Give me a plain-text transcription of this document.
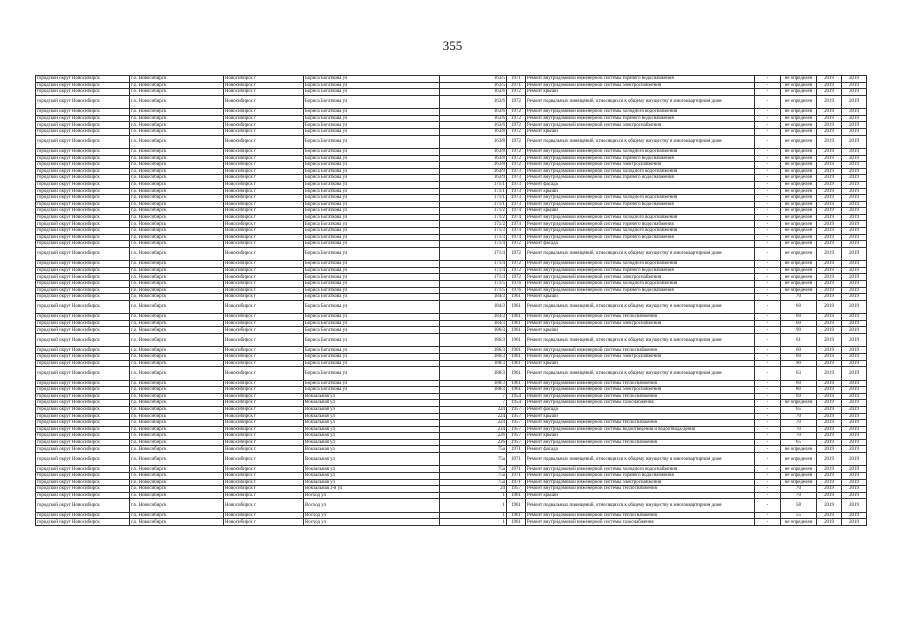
355
городской округ Новосибирск	г.о. Новосибирск	Новосибирск г	Бориса Богаткова ул	163/5	1971	Ремонт внутридомовой инженерной системы горячего водоснабжения	-	не определен	2019	2019
городской округ Новосибирск	г.о. Новосибирск	Новосибирск г	Бориса Богаткова ул	163/5	1971	Ремонт внутридомовой инженерной системы электроснабжения	-	не определен	2019	2019
городской округ Новосибирск	г.о. Новосибирск	Новосибирск г	Бориса Богаткова ул	163/6	1972	Ремонт крыши	-	не определен	2019	2019
городской округ Новосибирск	г.о. Новосибирск	Новосибирск г	Бориса Богаткова ул	163/6	1972	Ремонт подвальных помещений, относящихся к общему имуществу в многоквартирном доме	-	не определен	2019	2019
городской округ Новосибирск	г.о. Новосибирск	Новосибирск г	Бориса Богаткова ул	163/6	1972	Ремонт внутридомовой инженерной системы холодного водоснабжения	-	не определен	2019	2019
городской округ Новосибирск	г.о. Новосибирск	Новосибирск г	Бориса Богаткова ул	163/6	1972	Ремонт внутридомовой инженерной системы горячего водоснабжения	-	не определен	2019	2019
городской округ Новосибирск	г.о. Новосибирск	Новосибирск г	Бориса Богаткова ул	163/6	1972	Ремонт внутридомовой инженерной системы электроснабжения	-	не определен	2019	2019
городской округ Новосибирск	г.о. Новосибирск	Новосибирск г	Бориса Богаткова ул	163/8	1972	Ремонт крыши	-	не определен	2019	2019
городской округ Новосибирск	г.о. Новосибирск	Новосибирск г	Бориса Богаткова ул	163/8	1972	Ремонт подвальных помещений, относящихся к общему имуществу в многоквартирном доме	-	не определен	2019	2019
городской округ Новосибирск	г.о. Новосибирск	Новосибирск г	Бориса Богаткова ул	163/8	1972	Ремонт внутридомовой инженерной системы холодного водоснабжения	-	не определен	2019	2019
городской округ Новосибирск	г.о. Новосибирск	Новосибирск г	Бориса Богаткова ул	163/8	1972	Ремонт внутридомовой инженерной системы горячего водоснабжения	-	не определен	2019	2019
городской округ Новосибирск	г.о. Новосибирск	Новосибирск г	Бориса Богаткова ул	163/8	1972	Ремонт внутридомовой инженерной системы электроснабжения	-	не определен	2019	2019
городской округ Новосибирск	г.о. Новосибирск	Новосибирск г	Бориса Богаткова ул	163/9	1973	Ремонт внутридомовой инженерной системы холодного водоснабжения	-	не определен	2019	2019
городской округ Новосибирск	г.о. Новосибирск	Новосибирск г	Бориса Богаткова ул	163/9	1973	Ремонт внутридомовой инженерной системы горячего водоснабжения	-	не определен	2019	2019
городской округ Новосибирск	г.о. Новосибирск	Новосибирск г	Бориса Богаткова ул	171/1	1973	Ремонт фасада	-	не определен	2019	2019
городской округ Новосибирск	г.о. Новосибирск	Новосибирск г	Бориса Богаткова ул	171/1	1973	Ремонт крыши	-	не определен	2019	2019
городской округ Новосибирск	г.о. Новосибирск	Новосибирск г	Бориса Богаткова ул	171/1	1973	Ремонт внутридомовой инженерной системы холодного водоснабжения	-	не определен	2019	2019
городской округ Новосибирск	г.о. Новосибирск	Новосибирск г	Бориса Богаткова ул	171/1	1973	Ремонт внутридомовой инженерной системы горячего водоснабжения	-	не определен	2019	2019
городской округ Новосибирск	г.о. Новосибирск	Новосибирск г	Бориса Богаткова ул	171/2	1974	Ремонт крыши	-	не определен	2019	2019
городской округ Новосибирск	г.о. Новосибирск	Новосибирск г	Бориса Богаткова ул	171/2	1974	Ремонт внутридомовой инженерной системы холодного водоснабжения	-	не определен	2019	2019
городской округ Новосибирск	г.о. Новосибирск	Новосибирск г	Бориса Богаткова ул	171/2	1974	Ремонт внутридомовой инженерной системы горячего водоснабжения	-	не определен	2019	2019
городской округ Новосибирск	г.о. Новосибирск	Новосибирск г	Бориса Богаткова ул	171/3	1974	Ремонт внутридомовой инженерной системы холодного водоснабжения	-	не определен	2019	2019
городской округ Новосибирск	г.о. Новосибирск	Новосибирск г	Бориса Богаткова ул	171/3	1974	Ремонт внутридомовой инженерной системы горячего водоснабжения	-	не определен	2019	2019
городской округ Новосибирск	г.о. Новосибирск	Новосибирск г	Бориса Богаткова ул	171/4	1972	Ремонт фасада	-	не определен	2019	2019
городской округ Новосибирск	г.о. Новосибирск	Новосибирск г	Бориса Богаткова ул	171/4	1972	Ремонт подвальных помещений, относящихся к общему имуществу в многоквартирном доме	-	не определен	2019	2019
городской округ Новосибирск	г.о. Новосибирск	Новосибирск г	Бориса Богаткова ул	171/4	1972	Ремонт внутридомовой инженерной системы холодного водоснабжения	-	не определен	2019	2019
городской округ Новосибирск	г.о. Новосибирск	Новосибирск г	Бориса Богаткова ул	171/4	1972	Ремонт внутридомовой инженерной системы горячего водоснабжения	-	не определен	2019	2019
городской округ Новосибирск	г.о. Новосибирск	Новосибирск г	Бориса Богаткова ул	171/4	1972	Ремонт внутридомовой инженерной системы электроснабжения	-	не определен	2019	2019
городской округ Новосибирск	г.о. Новосибирск	Новосибирск г	Бориса Богаткова ул	171/5	1976	Ремонт внутридомовой инженерной системы холодного водоснабжения	-	не определен	2019	2019
городской округ Новосибирск	г.о. Новосибирск	Новосибирск г	Бориса Богаткова ул	171/5	1976	Ремонт внутридомовой инженерной системы горячего водоснабжения	-	не определен	2019	2019
городской округ Новосибирск	г.о. Новосибирск	Новосибирск г	Бориса Богаткова ул	184/3	1961	Ремонт крыши	-	70	2019	2019
городской округ Новосибирск	г.о. Новосибирск	Новосибирск г	Бориса Богаткова ул	184/3	1961	Ремонт подвальных помещений, относящихся к общему имуществу в многоквартирном доме	-	60	2019	2019
городской округ Новосибирск	г.о. Новосибирск	Новосибирск г	Бориса Богаткова ул	184/3	1961	Ремонт внутридомовой инженерной системы теплоснабжения	-	60	2019	2019
городской округ Новосибирск	г.о. Новосибирск	Новосибирск г	Бориса Богаткова ул	184/3	1961	Ремонт внутридомовой инженерной системы электроснабжения	-	60	2019	2019
городской округ Новосибирск	г.о. Новосибирск	Новосибирск г	Бориса Богаткова ул	186/3	1961	Ремонт крыши	-	90	2019	2019
городской округ Новосибирск	г.о. Новосибирск	Новосибирск г	Бориса Богаткова ул	186/3	1961	Ремонт подвальных помещений, относящихся к общему имуществу в многоквартирном доме	-	61	2019	2019
городской округ Новосибирск	г.о. Новосибирск	Новосибирск г	Бориса Богаткова ул	186/3	1961	Ремонт внутридомовой инженерной системы теплоснабжения	-	60	2019	2019
городской округ Новосибирск	г.о. Новосибирск	Новосибирск г	Бориса Богаткова ул	186/3	1961	Ремонт внутридомовой инженерной системы электроснабжения	-	60	2019	2019
городской округ Новосибирск	г.о. Новосибирск	Новосибирск г	Бориса Богаткова ул	188/3	1961	Ремонт крыши	-	90	2019	2019
городской округ Новосибирск	г.о. Новосибирск	Новосибирск г	Бориса Богаткова ул	188/3	1961	Ремонт подвальных помещений, относящихся к общему имуществу в многоквартирном доме	-	63	2019	2019
городской округ Новосибирск	г.о. Новосибирск	Новосибирск г	Бориса Богаткова ул	188/3	1961	Ремонт внутридомовой инженерной системы теплоснабжения	-	60	2019	2019
городской округ Новосибирск	г.о. Новосибирск	Новосибирск г	Бориса Богаткова ул	188/3	1961	Ремонт внутридомовой инженерной системы электроснабжения	-	80	2019	2019
городской округ Новосибирск	г.о. Новосибирск	Новосибирск г	Вокзальная ул	7	1954	Ремонт внутридомовой инженерной системы теплоснабжения	-	69	2019	2019
городской округ Новосибирск	г.о. Новосибирск	Новосибирск г	Вокзальная ул	7	1954	Ремонт внутридомовой инженерной системы газоснабжения	-	не определен	2019	2019
городской округ Новосибирск	г.о. Новосибирск	Новосибирск г	Вокзальная ул	224	1957	Ремонт фасада	-	65	2019	2019
городской округ Новосибирск	г.о. Новосибирск	Новосибирск г	Вокзальная ул	224	1957	Ремонт крыши	-	70	2019	2019
городской округ Новосибирск	г.о. Новосибирск	Новосибирск г	Вокзальная ул	224	1957	Ремонт внутридомовой инженерной системы теплоснабжения	-	70	2019	2019
городской округ Новосибирск	г.о. Новосибирск	Новосибирск г	Вокзальная ул	224	1957	Ремонт внутридомовой инженерной системы водоотведения и водоотвода/дения	-	70	2019	2019
городской округ Новосибирск	г.о. Новосибирск	Новосибирск г	Вокзальная ул	226	1957	Ремонт крыши	-	70	2019	2019
городской округ Новосибирск	г.о. Новосибирск	Новосибирск г	Вокзальная ул	226	1957	Ремонт внутридомовой инженерной системы теплоснабжения	-	65	2019	2019
городской округ Новосибирск	г.о. Новосибирск	Новосибирск г	Вокзальная ул	75а	1971	Ремонт фасада	-	не определен	2019	2019
городской округ Новосибирск	г.о. Новосибирск	Новосибирск г	Вокзальная ул	75а	1971	Ремонт подвальных помещений, относящихся к общему имуществу в многоквартирном доме	-	не определен	2019	2019
городской округ Новосибирск	г.о. Новосибирск	Новосибирск г	Вокзальная ул	75а	1971	Ремонт внутридомовой инженерной системы холодного водоснабжения	-	не определен	2019	2019
городской округ Новосибирск	г.о. Новосибирск	Новосибирск г	Вокзальная ул	75а	1971	Ремонт внутридомовой инженерной системы горячего водоснабжения	-	не определен	2019	2019
городской округ Новосибирск	г.о. Новосибирск	Новосибирск г	Вокзальная ул	75а	1971	Ремонт внутридомовой инженерной системы электроснабжения	-	не определен	2019	2019
городской округ Новосибирск	г.о. Новосибирск	Новосибирск г	Вокзальная 2-я ул	24	1957	Ремонт внутридомовой инженерной системы теплоснабжения	-	70	2019	2019
городской округ Новосибирск	г.о. Новосибирск	Новосибирск г	Восход ул	1	1961	Ремонт крыши	-	70	2019	2019
городской округ Новосибирск	г.о. Новосибирск	Новосибирск г	Восход ул	1	1961	Ремонт подвальных помещений, относящихся к общему имуществу в многоквартирном доме	-	58	2019	2019
городской округ Новосибирск	г.о. Новосибирск	Новосибирск г	Восход ул	1	1961	Ремонт внутридомовой инженерной системы теплоснабжения	-	55	2019	2019
городской округ Новосибирск	г.о. Новосибирск	Новосибирск г	Восход ул	1	1961	Ремонт внутридомовой инженерной системы газоснабжения	-	не определен	2019	2019
